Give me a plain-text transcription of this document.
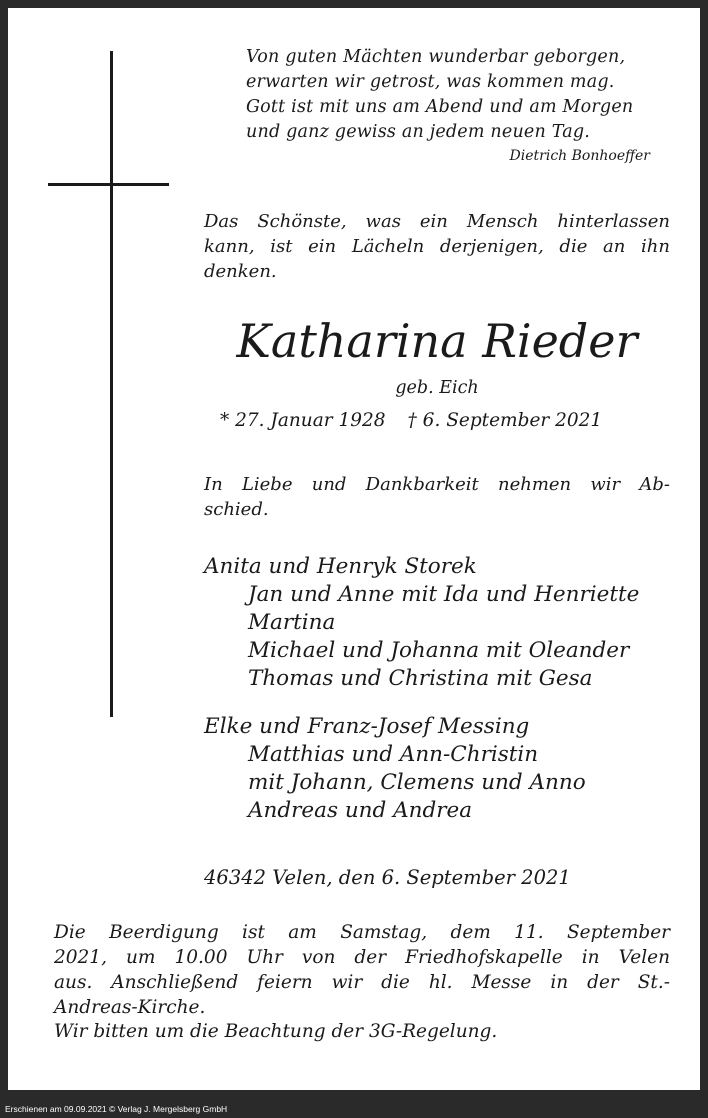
Von guten Mächten wunderbar geborgen,
erwarten wir getrost, was kommen mag.
Gott ist mit uns am Abend und am Morgen
und ganz gewiss an jedem neuen Tag.
Dietrich Bonhoeffer
Das Schönste, was ein Mensch hinterlassen
kann, ist ein Lächeln derjenigen, die an ihn
denken.
Katharina Rieder
geb. Eich
* 27. Januar 1928 † 6. September 2021
In Liebe und Dankbarkeit nehmen wir Ab-
schied.
Anita und Henryk Storek
Jan und Anne mit Ida und Henriette
Martina
Michael und Johanna mit Oleander
Thomas und Christina mit Gesa
Elke und Franz-Josef Messing
Matthias und Ann-Christin
mit Johann, Clemens und Anno
Andreas und Andrea
46342 Velen, den 6. September 2021
Die Beerdigung ist am Samstag, dem 11. September
2021, um 10.00 Uhr von der Friedhofskapelle in Velen
aus. Anschließend feiern wir die hl. Messe in der St.-
Andreas-Kirche.
Wir bitten um die Beachtung der 3G-Regelung.
Erschienen am 09.09.2021 © Verlag J. Mergelsberg GmbH
